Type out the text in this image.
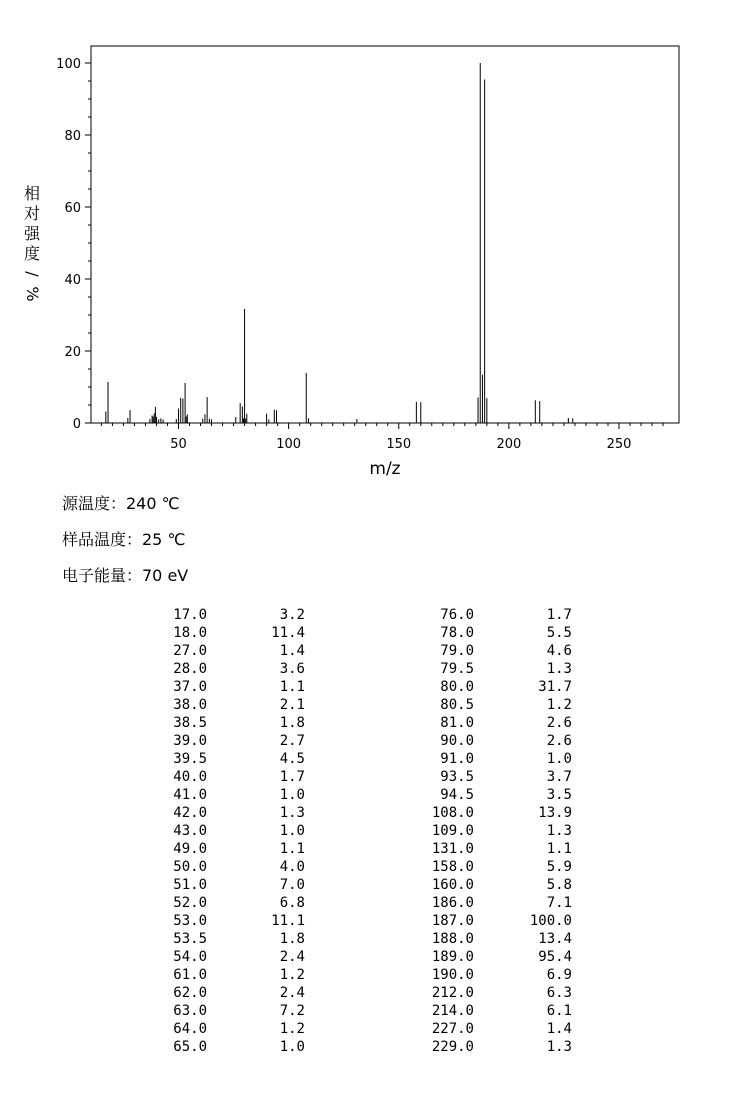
0
20
40
60
80
100
50	100	150	200	250
m/z
相
对
强
度
/
%
源温度：240 ℃
样品温度：25 ℃
电子能量：70 eV
17.0	3.2
18.0	11.4
27.0	1.4
28.0	3.6
37.0	1.1
38.0	2.1
38.5	1.8
39.0	2.7
39.5	4.5
40.0	1.7
41.0	1.0
42.0	1.3
43.0	1.0
49.0	1.1
50.0	4.0
51.0	7.0
52.0	6.8
53.0	11.1
53.5	1.8
54.0	2.4
61.0	1.2
62.0	2.4
63.0	7.2
64.0	1.2
65.0	1.0
76.0	1.7
78.0	5.5
79.0	4.6
79.5	1.3
80.0	31.7
80.5	1.2
81.0	2.6
90.0	2.6
91.0	1.0
93.5	3.7
94.5	3.5
108.0	13.9
109.0	1.3
131.0	1.1
158.0	5.9
160.0	5.8
186.0	7.1
187.0	100.0
188.0	13.4
189.0	95.4
190.0	6.9
212.0	6.3
214.0	6.1
227.0	1.4
229.0	1.3
